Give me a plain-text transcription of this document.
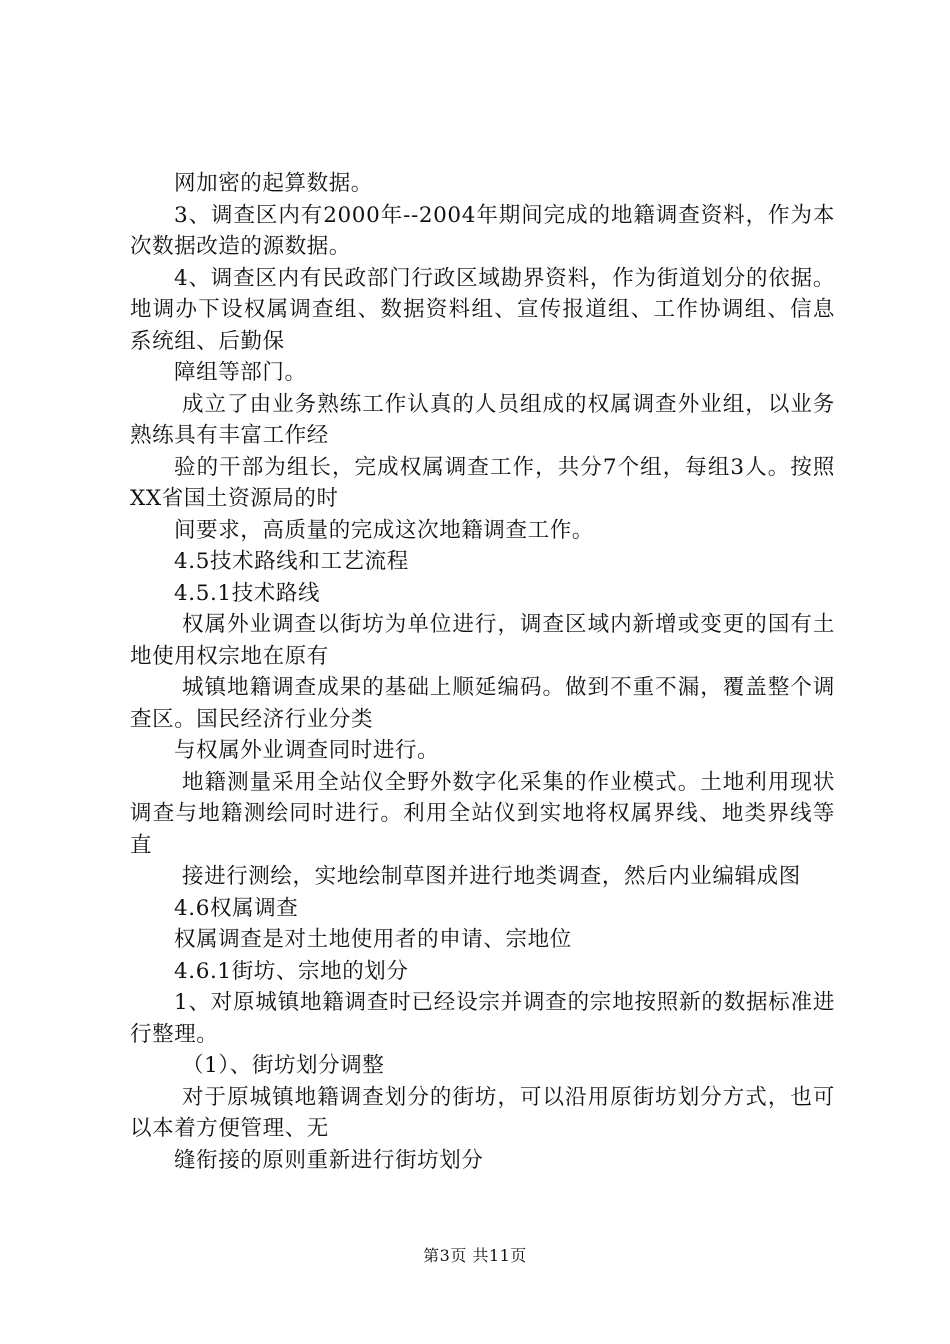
网加密的起算数据。

3、调查区内有2000年--2004年期间完成的地籍调查资料，作为本次数据改造的源数据。

4、调查区内有民政部门行政区域勘界资料，作为街道划分的依据。地调办下设权属调查组、数据资料组、宣传报道组、工作协调组、信息系统组、后勤保

障组等部门。

成立了由业务熟练工作认真的人员组成的权属调查外业组，以业务熟练具有丰富工作经

验的干部为组长，完成权属调查工作，共分7个组，每组3人。按照XX省国土资源局的时

间要求，高质量的完成这次地籍调查工作。

4.5技术路线和工艺流程

4.5.1技术路线

权属外业调查以街坊为单位进行，调查区域内新增或变更的国有土地使用权宗地在原有

城镇地籍调查成果的基础上顺延编码。做到不重不漏，覆盖整个调查区。国民经济行业分类

与权属外业调查同时进行。

地籍测量采用全站仪全野外数字化采集的作业模式。土地利用现状调查与地籍测绘同时进行。利用全站仪到实地将权属界线、地类界线等直

接进行测绘，实地绘制草图并进行地类调查，然后内业编辑成图

4.6权属调查

权属调查是对土地使用者的申请、宗地位

4.6.1街坊、宗地的划分

1、对原城镇地籍调查时已经设宗并调查的宗地按照新的数据标准进行整理。

（1）、街坊划分调整

对于原城镇地籍调查划分的街坊，可以沿用原街坊划分方式，也可以本着方便管理、无

缝衔接的原则重新进行街坊划分

第3页 共11页
